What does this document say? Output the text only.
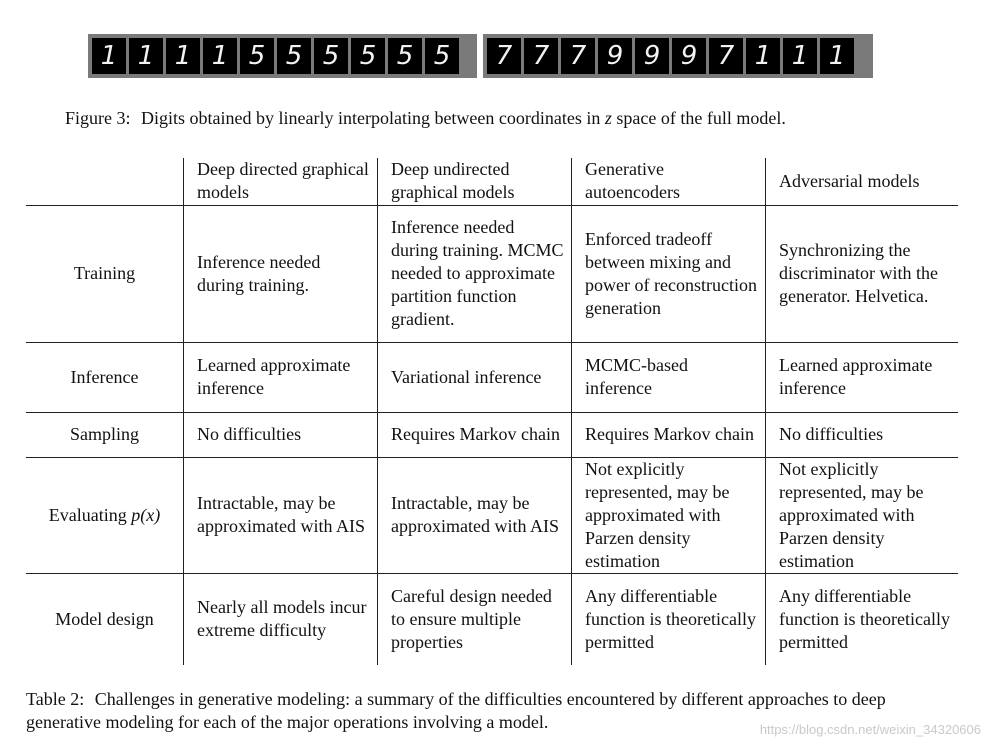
1 1 1 1 5 5 5 5 5 5	7 7 7 9 9 9 7 1 1 1
Figure 3: Digits obtained by linearly interpolating between coordinates in z space of the full model.
	Deep directed graphical models	Deep undirected graphical models	Generative autoencoders	Adversarial models
Training	Inference needed during training.	Inference needed during training. MCMC needed to approximate partition function gradient.	Enforced tradeoff between mixing and power of reconstruction generation	Synchronizing the discriminator with the generator. Helvetica.
Inference	Learned approximate inference	Variational inference	MCMC-based inference	Learned approximate inference
Sampling	No difficulties	Requires Markov chain	Requires Markov chain	No difficulties
Evaluating p(x)	Intractable, may be approximated with AIS	Intractable, may be approximated with AIS	Not explicitly represented, may be approximated with Parzen density estimation	Not explicitly represented, may be approximated with Parzen density estimation
Model design	Nearly all models incur extreme difficulty	Careful design needed to ensure multiple properties	Any differentiable function is theoretically permitted	Any differentiable function is theoretically permitted
Table 2: Challenges in generative modeling: a summary of the difficulties encountered by different approaches to deep generative modeling for each of the major operations involving a model.	https://blog.csdn.net/weixin_34320606
